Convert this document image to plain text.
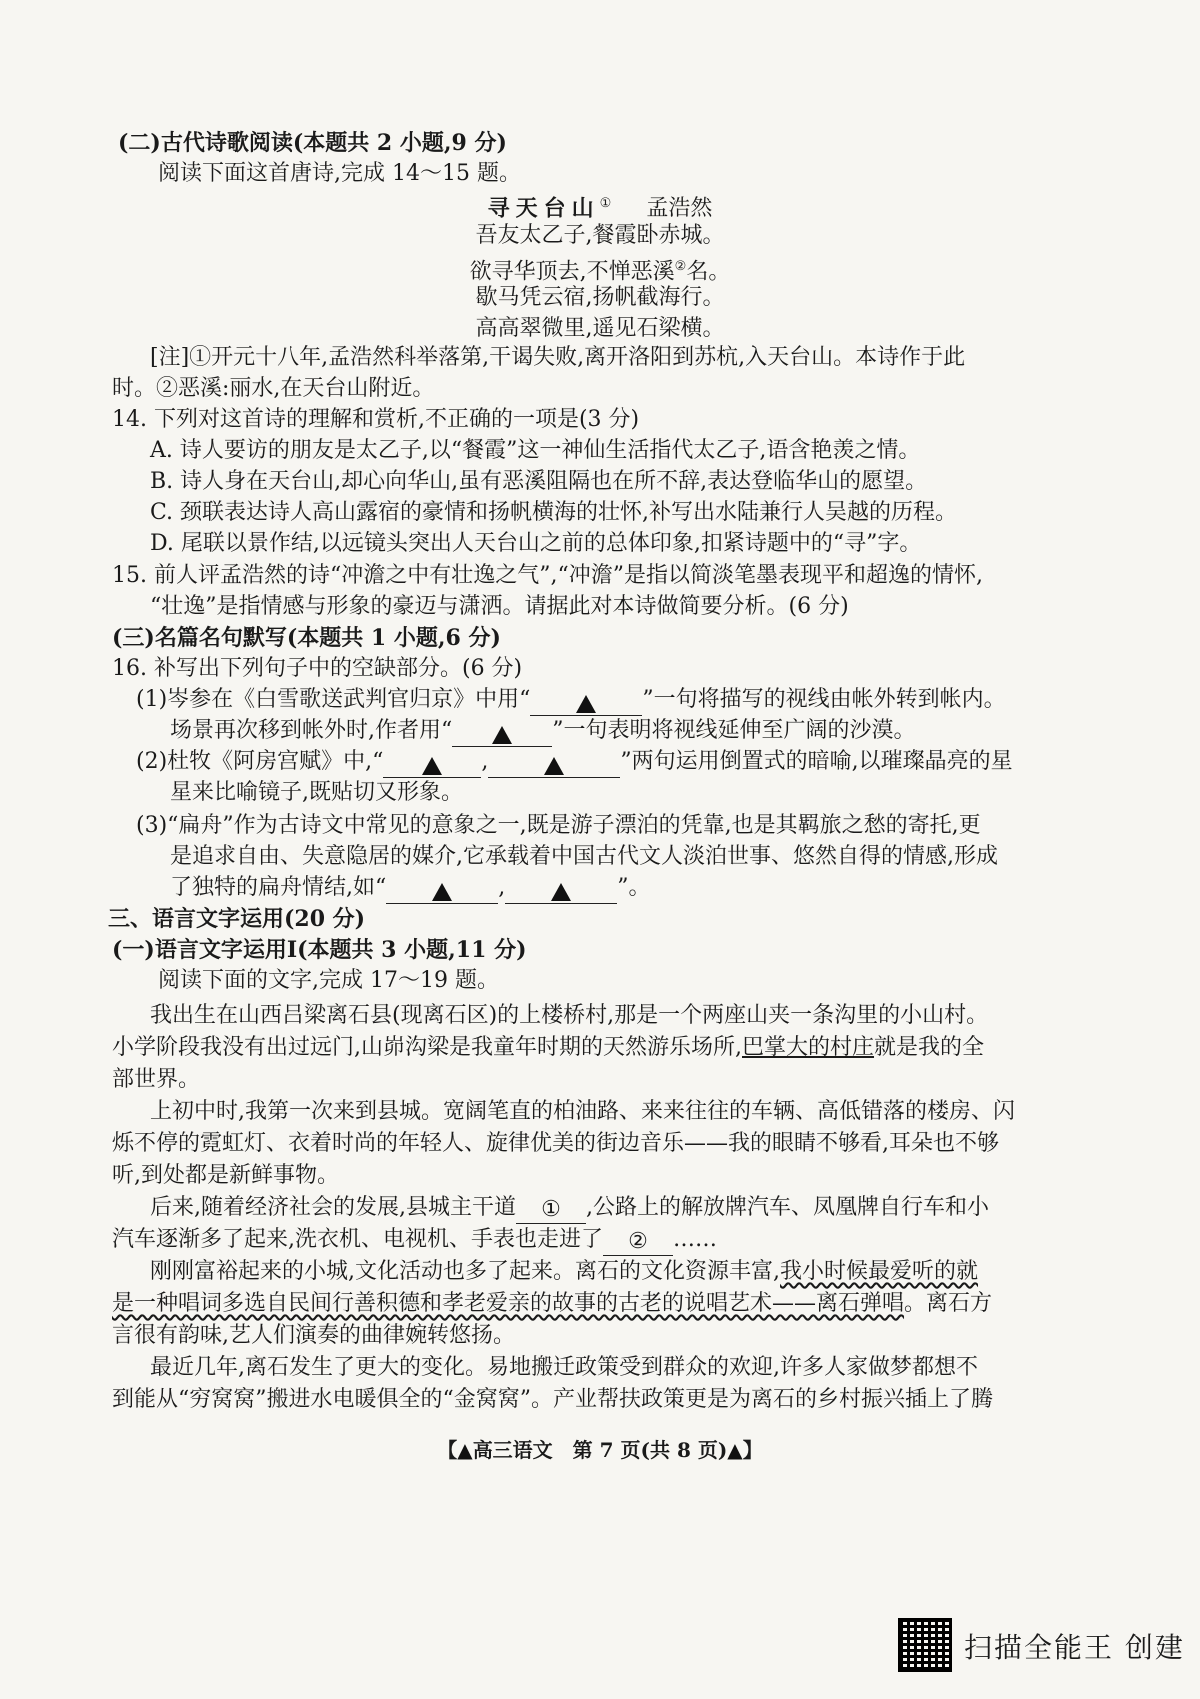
(二)古代诗歌阅读(本题共 2 小题,9 分)
阅读下面这首唐诗,完成 14～15 题。
寻天台山① 孟浩然
吾友太乙子,餐霞卧赤城。
欲寻华顶去,不惮恶溪②名。
歇马凭云宿,扬帆截海行。
高高翠微里,遥见石梁横。
[注]①开元十八年,孟浩然科举落第,干谒失败,离开洛阳到苏杭,入天台山。本诗作于此
时。②恶溪:丽水,在天台山附近。
14. 下列对这首诗的理解和赏析,不正确的一项是(3 分)
A. 诗人要访的朋友是太乙子,以“餐霞”这一神仙生活指代太乙子,语含艳羡之情。
B. 诗人身在天台山,却心向华山,虽有恶溪阻隔也在所不辞,表达登临华山的愿望。
C. 颈联表达诗人高山露宿的豪情和扬帆横海的壮怀,补写出水陆兼行人吴越的历程。
D. 尾联以景作结,以远镜头突出人天台山之前的总体印象,扣紧诗题中的“寻”字。
15. 前人评孟浩然的诗“冲澹之中有壮逸之气”,“冲澹”是指以简淡笔墨表现平和超逸的情怀,
“壮逸”是指情感与形象的豪迈与潇洒。请据此对本诗做简要分析。(6 分)
(三)名篇名句默写(本题共 1 小题,6 分)
16. 补写出下列句子中的空缺部分。(6 分)
(1)岑参在《白雪歌送武判官归京》中用“	”一句将描写的视线由帐外转到帐内。
场景再次移到帐外时,作者用“	”一句表明将视线延伸至广阔的沙漠。
(2)杜牧《阿房宫赋》中,“	,	”两句运用倒置式的暗喻,以璀璨晶亮的星
星来比喻镜子,既贴切又形象。
(3)“扁舟”作为古诗文中常见的意象之一,既是游子漂泊的凭靠,也是其羁旅之愁的寄托,更
是追求自由、失意隐居的媒介,它承载着中国古代文人淡泊世事、悠然自得的情感,形成
了独特的扁舟情结,如“	,	”。
三、语言文字运用(20 分)
(一)语言文字运用Ⅰ(本题共 3 小题,11 分)
阅读下面的文字,完成 17～19 题。
我出生在山西吕梁离石县(现离石区)的上楼桥村,那是一个两座山夹一条沟里的小山村。
小学阶段我没有出过远门,山峁沟梁是我童年时期的天然游乐场所,巴掌大的村庄就是我的全
部世界。
上初中时,我第一次来到县城。宽阔笔直的柏油路、来来往往的车辆、高低错落的楼房、闪
烁不停的霓虹灯、衣着时尚的年轻人、旋律优美的街边音乐——我的眼睛不够看,耳朵也不够
听,到处都是新鲜事物。
后来,随着经济社会的发展,县城主干道 ① ,公路上的解放牌汽车、凤凰牌自行车和小
汽车逐渐多了起来,洗衣机、电视机、手表也走进了 ② ……
刚刚富裕起来的小城,文化活动也多了起来。离石的文化资源丰富,我小时候最爱听的就
是一种唱词多选自民间行善积德和孝老爱亲的故事的古老的说唱艺术——离石弹唱。离石方
言很有韵味,艺人们演奏的曲律婉转悠扬。
最近几年,离石发生了更大的变化。易地搬迁政策受到群众的欢迎,许多人家做梦都想不
到能从“穷窝窝”搬进水电暖俱全的“金窝窝”。产业帮扶政策更是为离石的乡村振兴插上了腾
【▲高三语文　第 7 页(共 8 页)▲】
扫描全能王 创建
